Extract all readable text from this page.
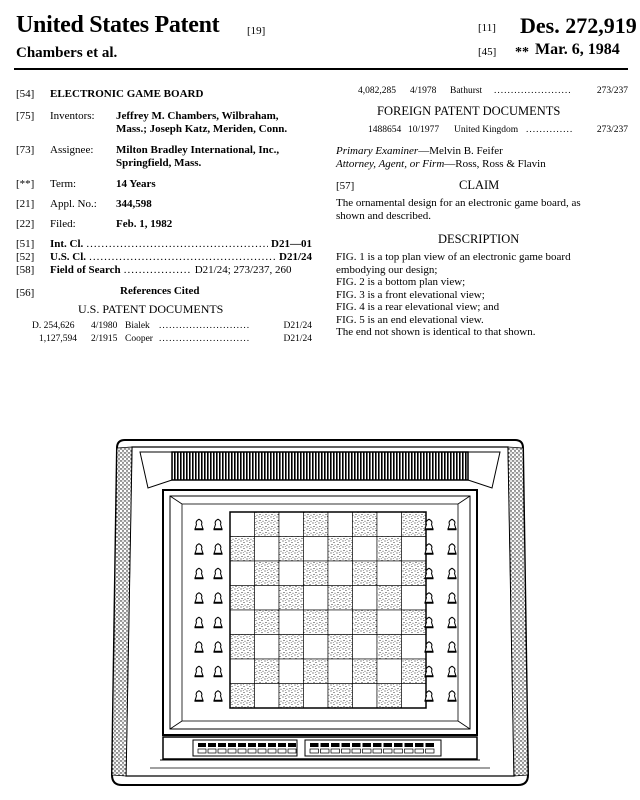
United States Patent	[19]	[11] Des. 272,919
Chambers et al.	[45] ** Mar. 6, 1984
[54] ELECTRONIC GAME BOARD
[75] Inventors: Jeffrey M. Chambers, Wilbraham,
Mass.; Joseph Katz, Meriden, Conn.
[73] Assignee: Milton Bradley International, Inc.,
Springfield, Mass.
[**] Term:	14 Years
[21] Appl. No.: 344,598
[22] Filed:	Feb. 1, 1982
[51] Int. Cl. .....	D21—01
[52] U.S. Cl. .....	D21/24
[58] Field of Search .....	D21/24; 273/237, 260
[56]	References Cited
U.S. PATENT DOCUMENTS
D. 254,626 4/1980 Bialek ...........................	D21/24
1,127,594 2/1915 Cooper ...........................	D21/24
4,082,285 4/1978 Bathurst .......................	273/237
FOREIGN PATENT DOCUMENTS
1488654 10/1977 United Kingdom .............. 273/237
Primary Examiner—Melvin B. Feifer
Attorney, Agent, or Firm—Ross, Ross & Flavin
[57]	CLAIM
The ornamental design for an electronic game board, as
shown and described.
DESCRIPTION
FIG. 1 is a top plan view of an electronic game board
embodying our design;
FIG. 2 is a bottom plan view;
FIG. 3 is a front elevational view;
FIG. 4 is a rear elevational view; and
FIG. 5 is an end elevational view.
The end not shown is identical to that shown.
